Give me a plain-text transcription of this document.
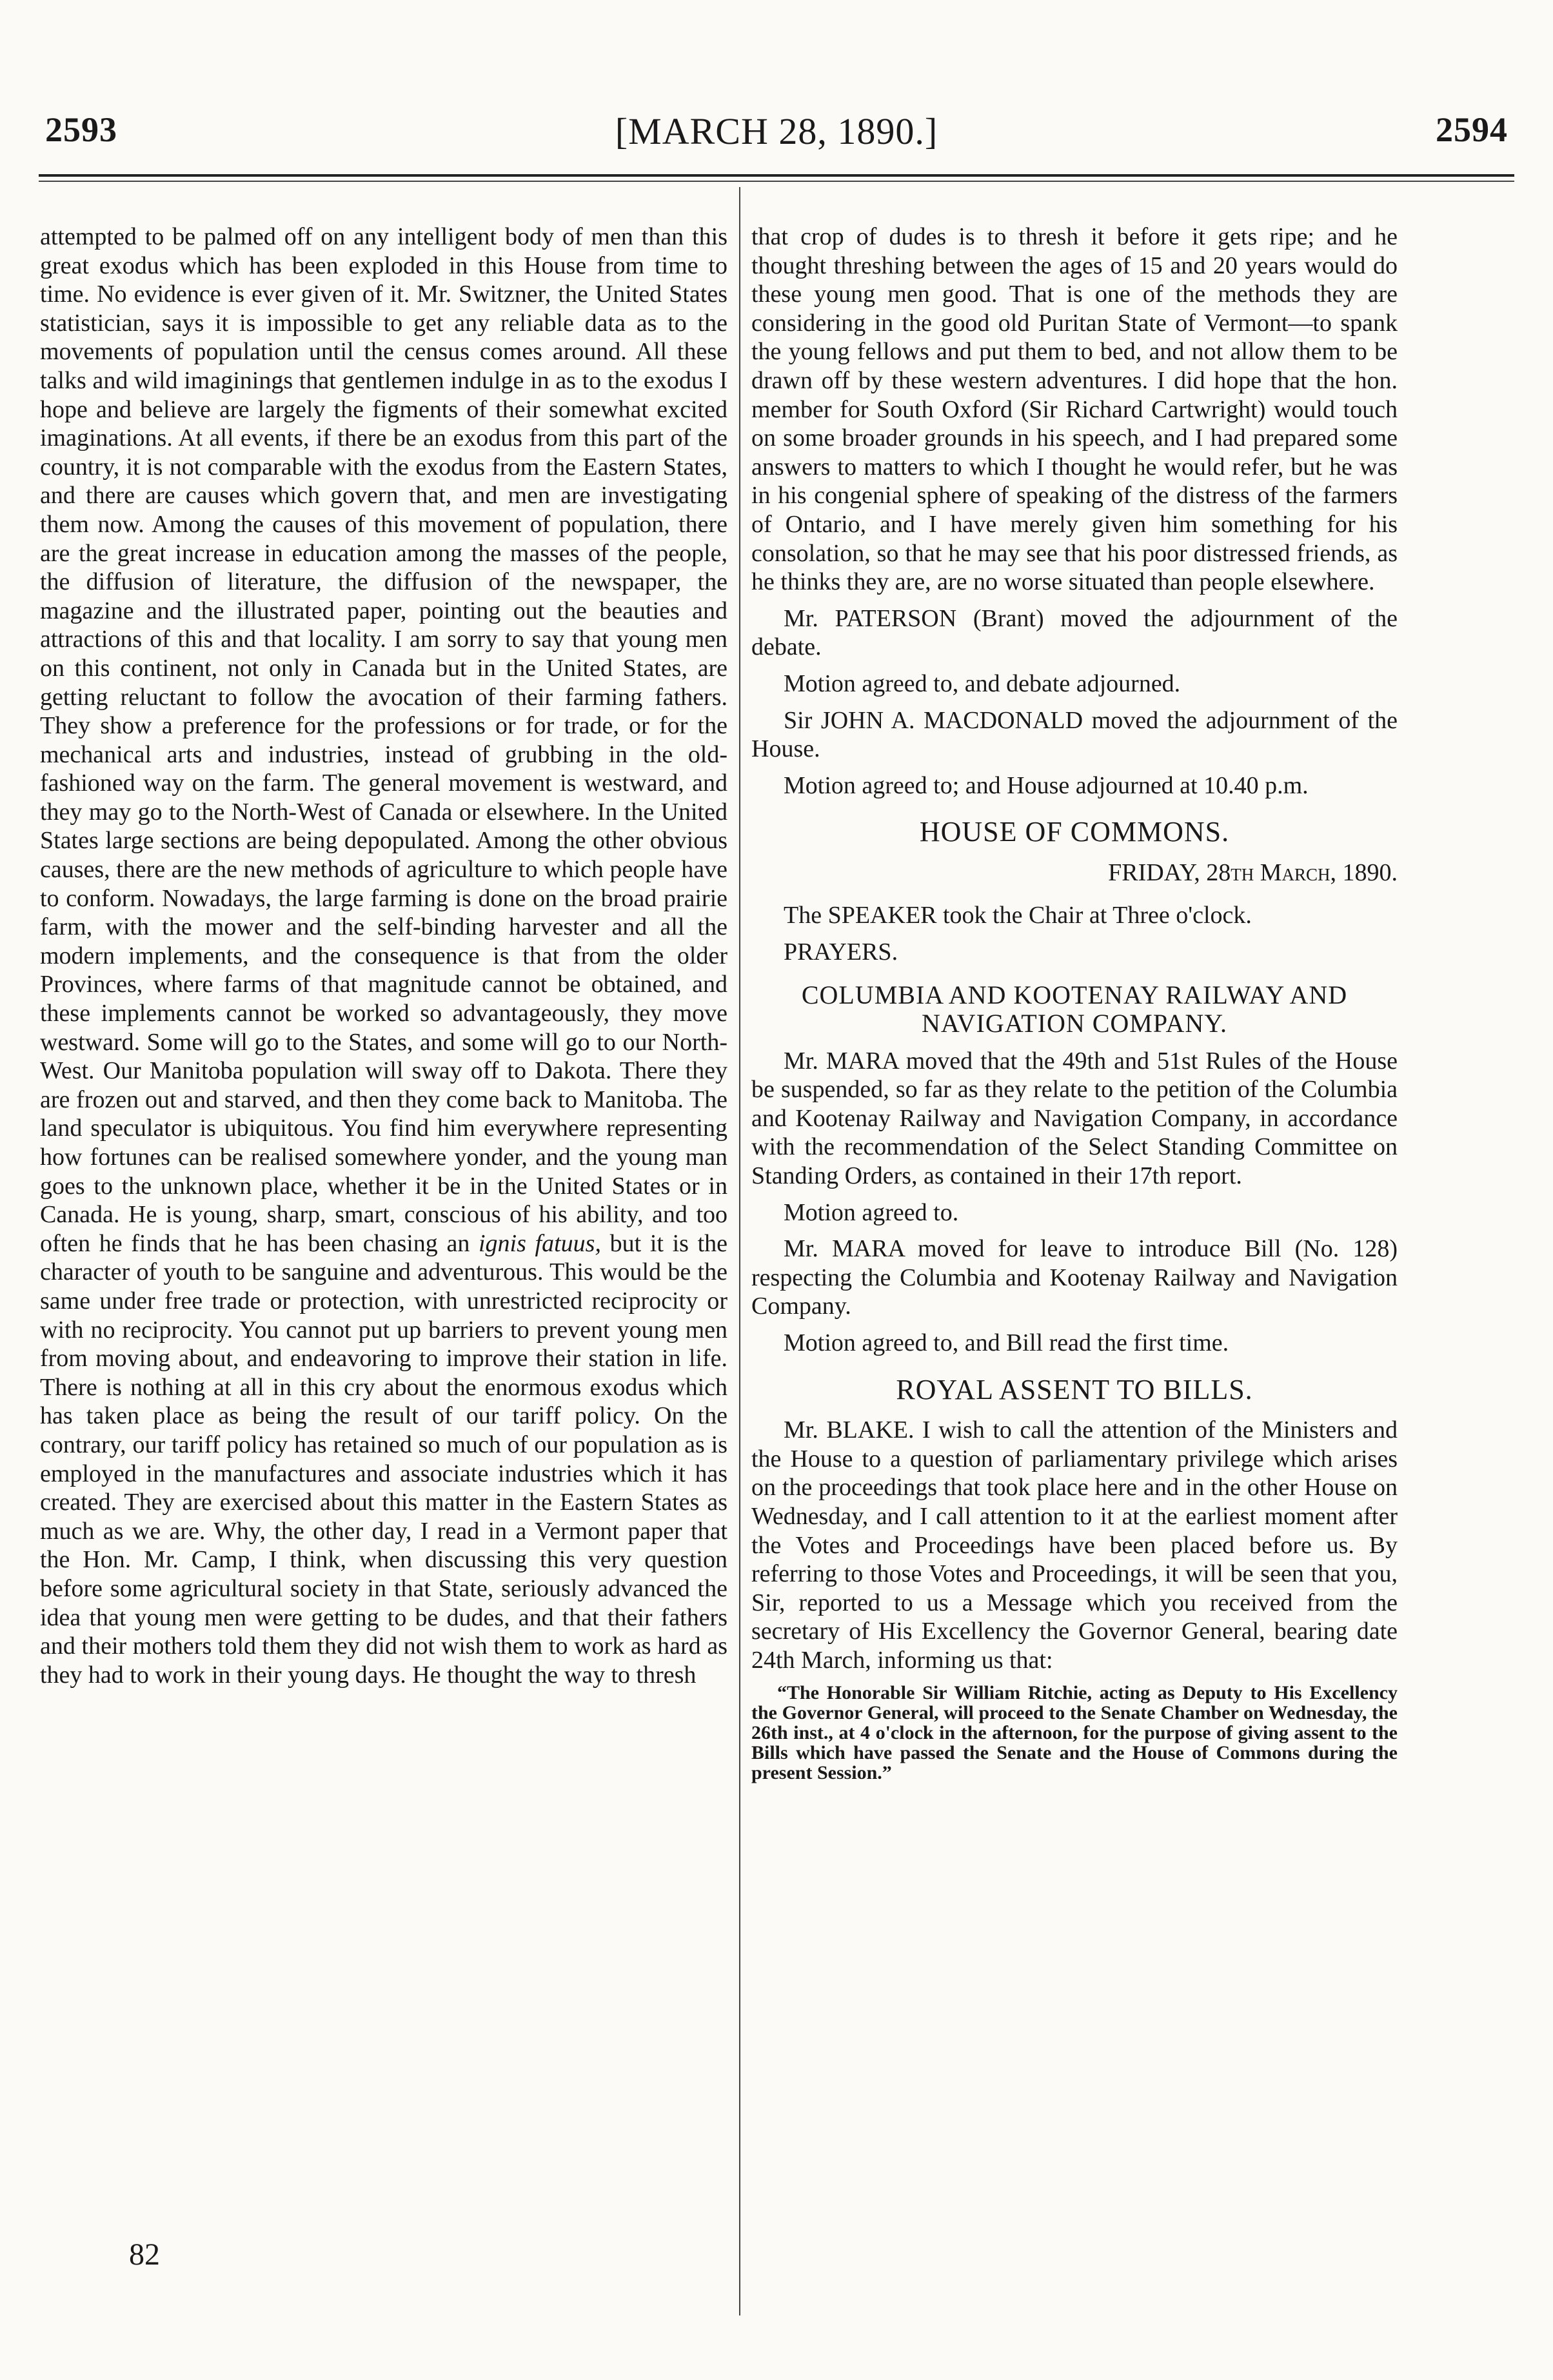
2593	[MARCH 28, 1890.]	2594

attempted to be palmed off on any intelligent body of men than this great exodus which has been exploded in this House from time to time. No evidence is ever given of it. Mr. Switzner, the United States statistician, says it is impossible to get any reliable data as to the movements of population until the census comes around. All these talks and wild imaginings that gentlemen indulge in as to the exodus I hope and believe are largely the figments of their somewhat excited imaginations. At all events, if there be an exodus from this part of the country, it is not comparable with the exodus from the Eastern States, and there are causes which govern that, and men are investigating them now. Among the causes of this movement of population, there are the great increase in education among the masses of the people, the diffusion of literature, the diffusion of the newspaper, the magazine and the illustrated paper, pointing out the beauties and attractions of this and that locality. I am sorry to say that young men on this continent, not only in Canada but in the United States, are getting reluctant to follow the avocation of their farming fathers. They show a preference for the professions or for trade, or for the mechanical arts and industries, instead of grubbing in the old-fashioned way on the farm. The general movement is westward, and they may go to the North-West of Canada or elsewhere. In the United States large sections are being depopulated. Among the other obvious causes, there are the new methods of agriculture to which people have to conform. Nowadays, the large farming is done on the broad prairie farm, with the mower and the self-binding harvester and all the modern implements, and the consequence is that from the older Provinces, where farms of that magnitude cannot be obtained, and these implements cannot be worked so advantageously, they move westward. Some will go to the States, and some will go to our North-West. Our Manitoba population will sway off to Dakota. There they are frozen out and starved, and then they come back to Manitoba. The land speculator is ubiquitous. You find him everywhere representing how fortunes can be realised somewhere yonder, and the young man goes to the unknown place, whether it be in the United States or in Canada. He is young, sharp, smart, conscious of his ability, and too often he finds that he has been chasing an ignis fatuus, but it is the character of youth to be sanguine and adventurous. This would be the same under free trade or protection, with unrestricted reciprocity or with no reciprocity. You cannot put up barriers to prevent young men from moving about, and endeavoring to improve their station in life. There is nothing at all in this cry about the enormous exodus which has taken place as being the result of our tariff policy. On the contrary, our tariff policy has retained so much of our population as is employed in the manufactures and associate industries which it has created. They are exercised about this matter in the Eastern States as much as we are. Why, the other day, I read in a Vermont paper that the Hon. Mr. Camp, I think, when discussing this very question before some agricultural society in that State, seriously advanced the idea that young men were getting to be dudes, and that their fathers and their mothers told them they did not wish them to work as hard as they had to work in their young days. He thought the way to thresh

82

that crop of dudes is to thresh it before it gets ripe; and he thought threshing between the ages of 15 and 20 years would do these young men good. That is one of the methods they are considering in the good old Puritan State of Vermont—to spank the young fellows and put them to bed, and not allow them to be drawn off by these western adventures. I did hope that the hon. member for South Oxford (Sir Richard Cartwright) would touch on some broader grounds in his speech, and I had prepared some answers to matters to which I thought he would refer, but he was in his congenial sphere of speaking of the distress of the farmers of Ontario, and I have merely given him something for his consolation, so that he may see that his poor distressed friends, as he thinks they are, are no worse situated than people elsewhere.

Mr. PATERSON (Brant) moved the adjournment of the debate.

Motion agreed to, and debate adjourned.

Sir JOHN A. MACDONALD moved the adjournment of the House.

Motion agreed to; and House adjourned at 10.40 p.m.

HOUSE OF COMMONS.
FRIDAY, 28th March, 1890.

The SPEAKER took the Chair at Three o'clock.

PRAYERS.

COLUMBIA AND KOOTENAY RAILWAY AND NAVIGATION COMPANY.

Mr. MARA moved that the 49th and 51st Rules of the House be suspended, so far as they relate to the petition of the Columbia and Kootenay Railway and Navigation Company, in accordance with the recommendation of the Select Standing Committee on Standing Orders, as contained in their 17th report.

Motion agreed to.

Mr. MARA moved for leave to introduce Bill (No. 128) respecting the Columbia and Kootenay Railway and Navigation Company.

Motion agreed to, and Bill read the first time.

ROYAL ASSENT TO BILLS.

Mr. BLAKE. I wish to call the attention of the Ministers and the House to a question of parliamentary privilege which arises on the proceedings that took place here and in the other House on Wednesday, and I call attention to it at the earliest moment after the Votes and Proceedings have been placed before us. By referring to those Votes and Proceedings, it will be seen that you, Sir, reported to us a Message which you received from the secretary of His Excellency the Governor General, bearing date 24th March, informing us that:

“The Honorable Sir William Ritchie, acting as Deputy to His Excellency the Governor General, will proceed to the Senate Chamber on Wednesday, the 26th inst., at 4 o'clock in the afternoon, for the purpose of giving assent to the Bills which have passed the Senate and the House of Commons during the present Session.”
